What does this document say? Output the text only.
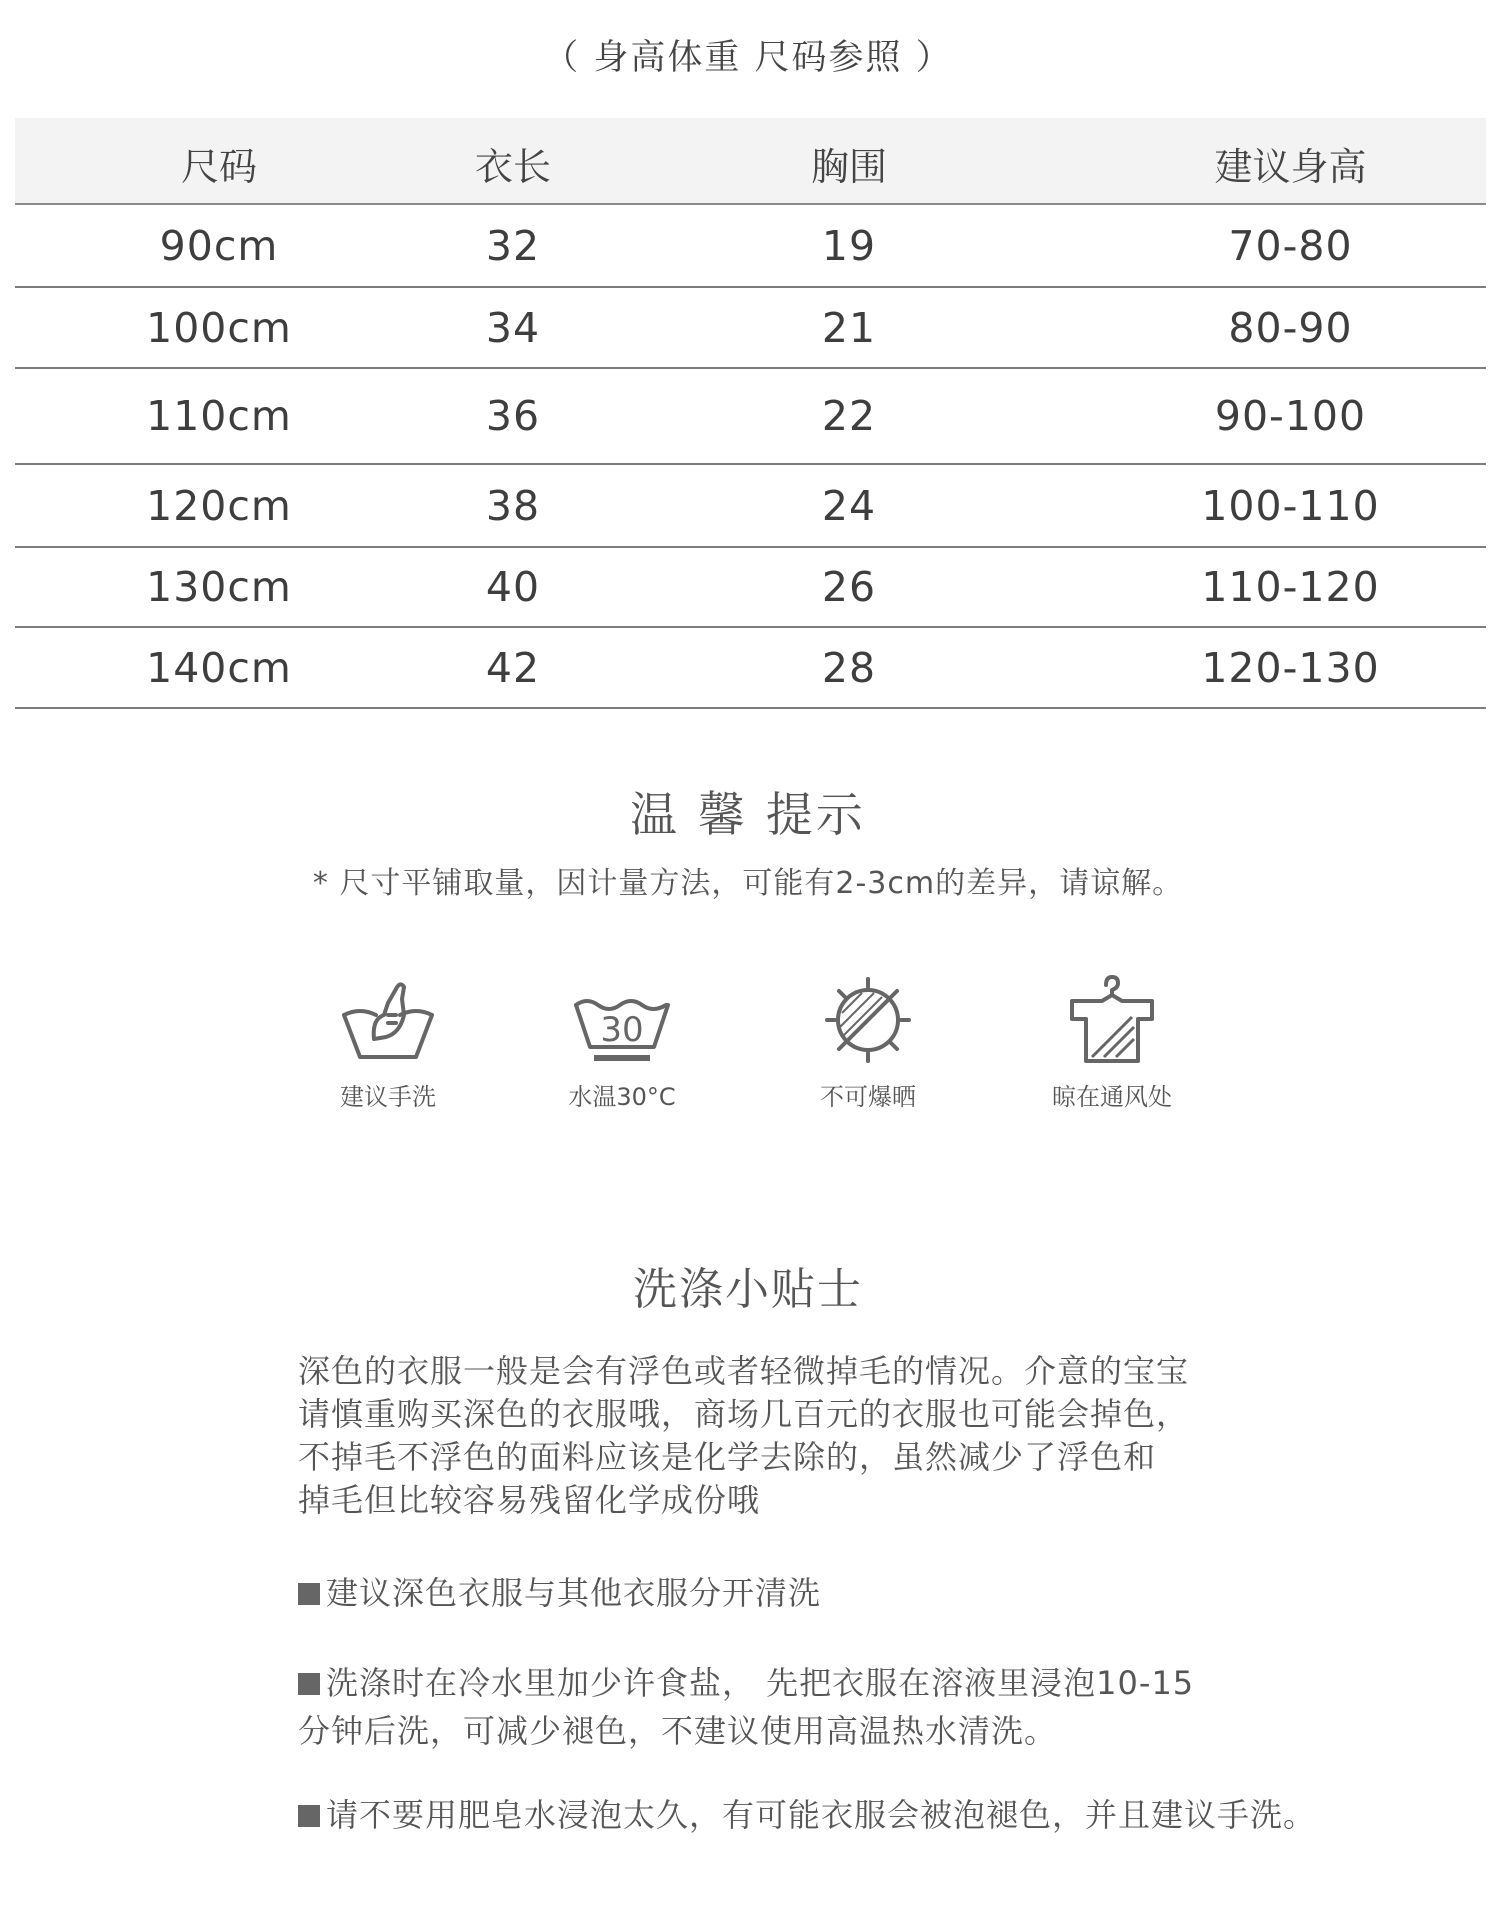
（ 身高体重 尺码参照 ）
尺码	衣长	胸围	建议身高
90cm	32	19	70-80
100cm	34	21	80-90
110cm	36	22	90-100
120cm	38	24	100-110
130cm	40	26	110-120
140cm	42	28	120-130
温 馨 提示
* 尺寸平铺取量，因计量方法，可能有2-3cm的差异，请谅解。
建议手洗
30
水温30°C	不可爆晒	晾在通风处
洗涤小贴士

深色的衣服一般是会有浮色或者轻微掉毛的情况。介意的宝宝

请慎重购买深色的衣服哦，商场几百元的衣服也可能会掉色，

不掉毛不浮色的面料应该是化学去除的，虽然减少了浮色和

掉毛但比较容易残留化学成份哦

建议深色衣服与其他衣服分开清洗

洗涤时在冷水里加少许食盐， 先把衣服在溶液里浸泡10-15

分钟后洗，可减少褪色，不建议使用高温热水清洗。

请不要用肥皂水浸泡太久，有可能衣服会被泡褪色，并且建议手洗。
